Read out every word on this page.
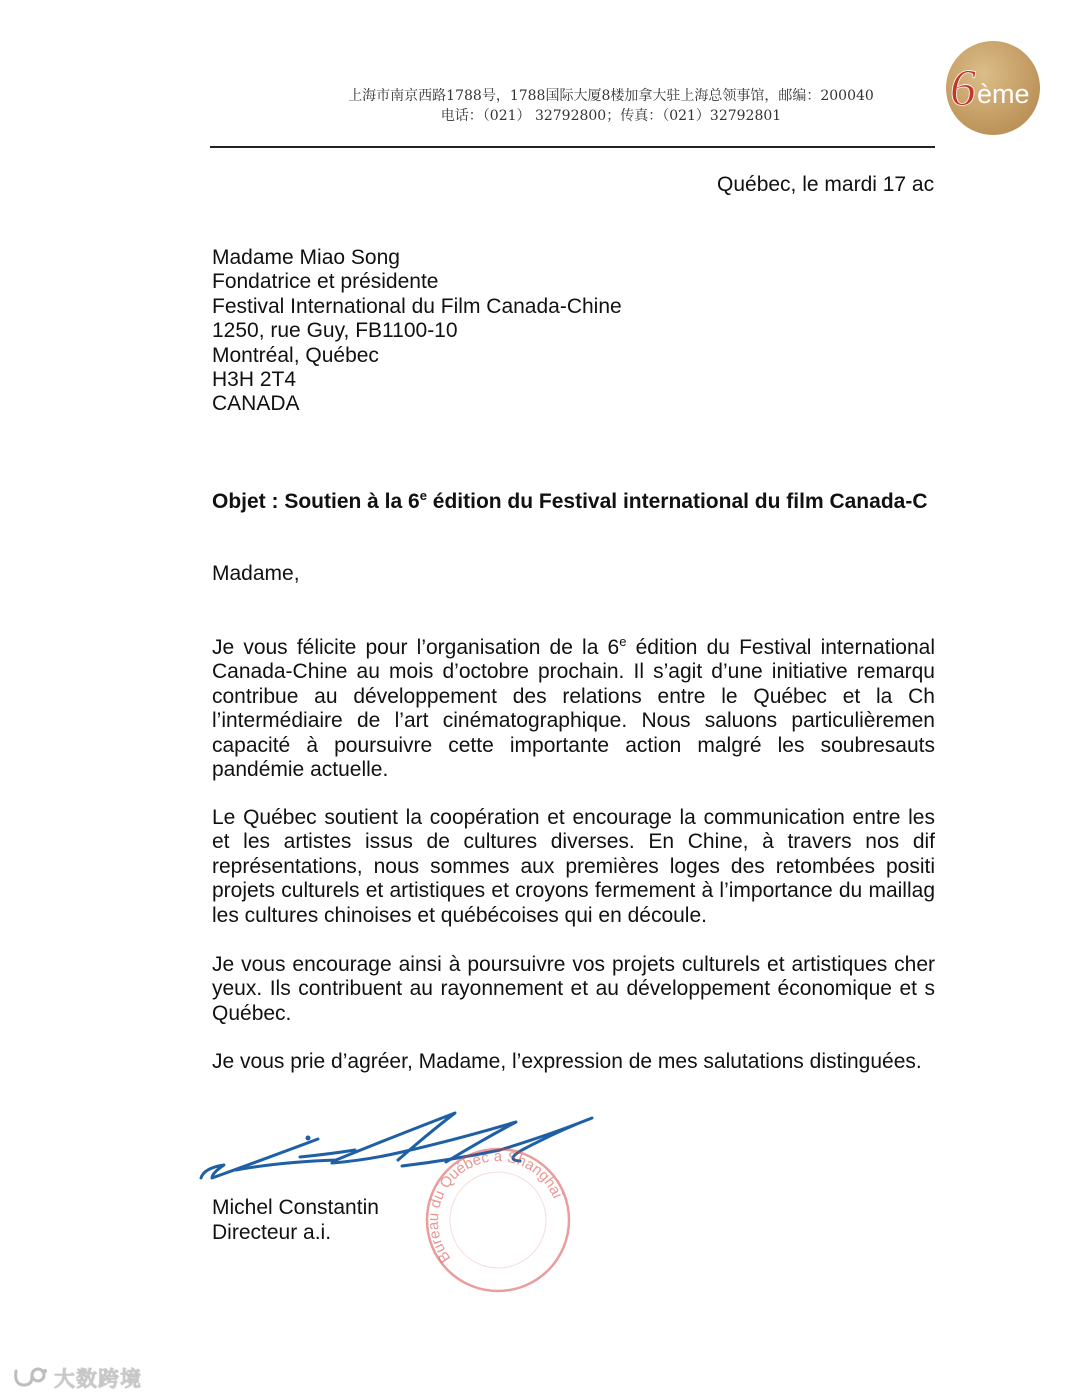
上海市南京西路1788号，1788国际大厦8楼加拿大驻上海总领事馆，邮编：200040
电话：（021） 32792800；传真：（021）32792801	6 ème
Québec, le mardi 17 ac
Madame Miao Song
Fondatrice et présidente
Festival International du Film Canada-Chine
1250, rue Guy, FB1100-10
Montréal, Québec
H3H 2T4
CANADA
Objet : Soutien à la 6e édition du Festival international du film Canada-C
Madame,
Je vous félicite pour l’organisation de la 6e édition du Festival international
Canada-Chine au mois d’octobre prochain. Il s’agit d’une initiative remarqu
contribue au développement des relations entre le Québec et la Ch
l’intermédiaire de l’art cinématographique. Nous saluons particulièremen
capacité à poursuivre cette importante action malgré les soubresauts
pandémie actuelle.
Le Québec soutient la coopération et encourage la communication entre les
et les artistes issus de cultures diverses. En Chine, à travers nos dif
représentations, nous sommes aux premières loges des retombées positi
projets culturels et artistiques et croyons fermement à l’importance du maillag
les cultures chinoises et québécoises qui en découle.
Je vous encourage ainsi à poursuivre vos projets culturels et artistiques cher
yeux. Ils contribuent au rayonnement et au développement économique et s
Québec.
Je vous prie d’agréer, Madame, l’expression de mes salutations distinguées.
Bureau du Québec à Shanghai
Michel Constantin
Directeur a.i.
大数跨境
